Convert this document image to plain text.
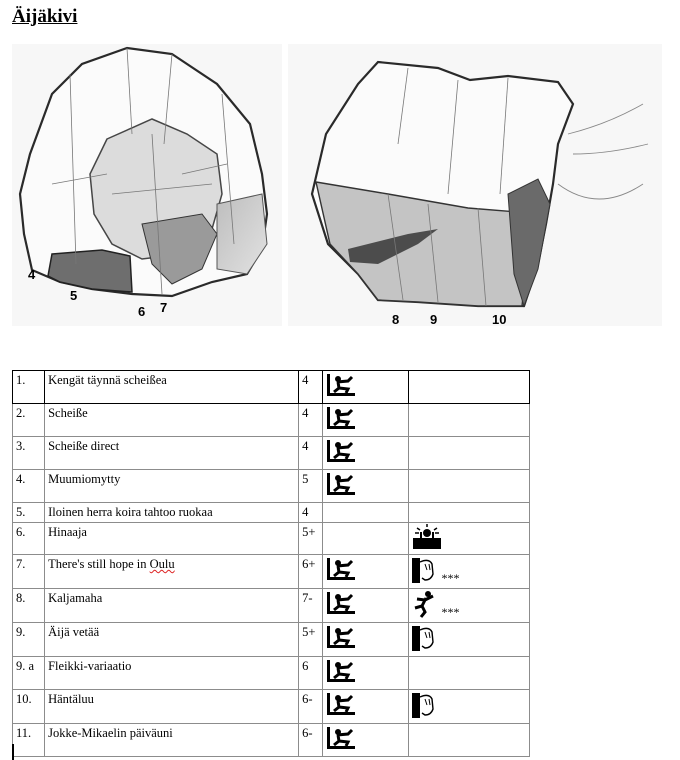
Äijäkivi
4
5
6 7
8 9	10
1.	Kengät täynnä scheißea	4		
2.	Scheiße	4		
3.	Scheiße direct	4		
4.	Muumiomytty	5		
5.	Iloinen herra koira tahtoo ruokaa	4		
6.	Hinaaja	5+		
7.	There's still hope in Oulu	6+		***

8.	Kaljamaha	7-		***

9.	Äijä vetää	5+		
9. a	Fleikki-variaatio	6		
10.	Häntäluu	6-		
11.	Jokke-Mikaelin päiväuni	6-		
